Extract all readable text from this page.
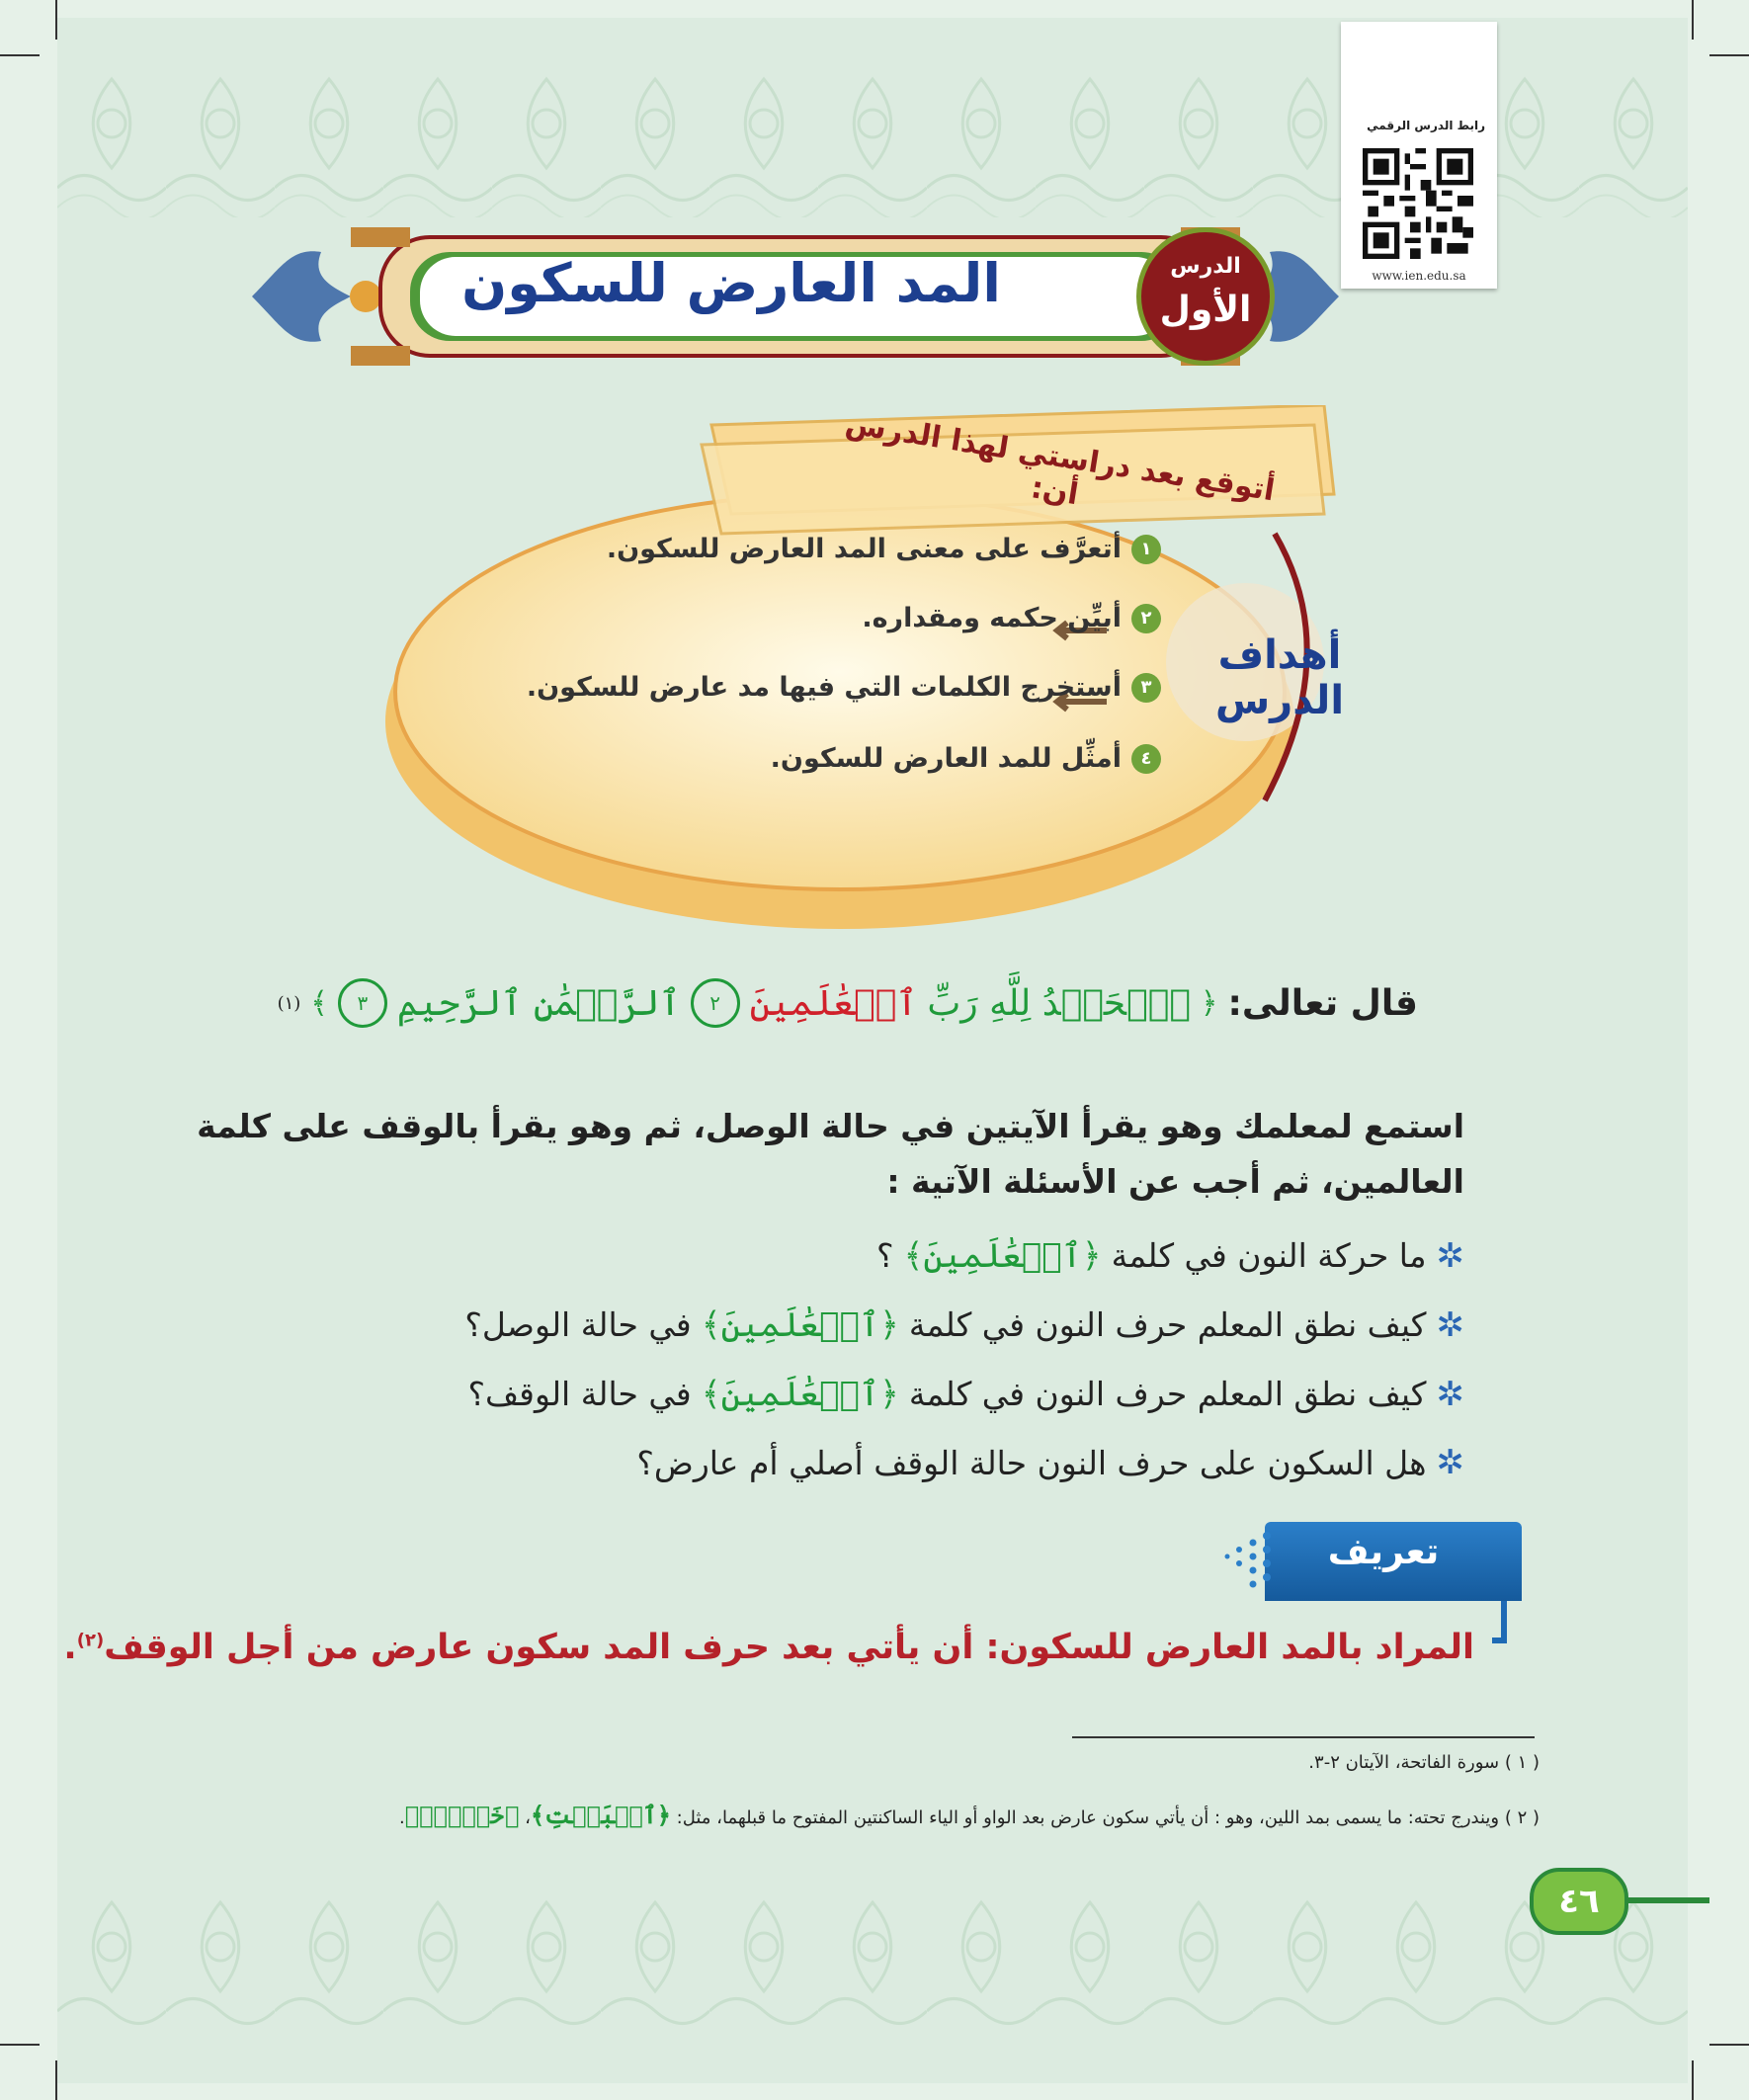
رابط الدرس الرقمي
www.ien.edu.sa
المد العارض للسكون	الدرس
الأول
أتوقع بعد دراستي لهذا الدرس أن:
أهداف الدرس
١
أتعرَّف على معنى المد العارض للسكون.
٢
أبيِّن حكمه ومقداره.
٣
أستخرج الكلمات التي فيها مد عارض للسكون.
٤
أمثِّل للمد العارض للسكون.
قال تعالى:
﴿
ٱلۡحَمۡدُ لِلَّهِ رَبِّ
ٱلۡعَٰلَمِينَ
٢
ٱلرَّحۡمَٰنِ ٱلرَّحِيمِ
٣
﴾
(١)
استمع لمعلمك وهو يقرأ الآيتين في حالة الوصل، ثم وهو يقرأ بالوقف على كلمة العالمين، ثم أجب عن الأسئلة الآتية :
✲
ما حركة النون في كلمة
﴿ٱلۡعَٰلَمِينَ﴾
؟
✲
كيف نطق المعلم حرف النون في كلمة
﴿ٱلۡعَٰلَمِينَ﴾
في حالة الوصل؟
✲
كيف نطق المعلم حرف النون في كلمة
﴿ٱلۡعَٰلَمِينَ﴾
في حالة الوقف؟
✲
هل السكون على حرف النون حالة الوقف أصلي أم عارض؟
تعريف
المراد بالمد العارض للسكون: أن يأتي بعد حرف المد سكون عارض من أجل الوقف$^{(٢)}$.
( ١ ) سورة الفاتحة، الآيتان ٢-٣.
( ٢ ) ويندرج تحته: ما يسمى بمد اللين، وهو : أن يأتي سكون عارض بعد الواو أو الياء الساكنتين المفتوح ما قبلهما، مثل: ﴿ٱلۡبَيۡتِ﴾، ﴿خَوۡفُۢ﴾.
٤٦
